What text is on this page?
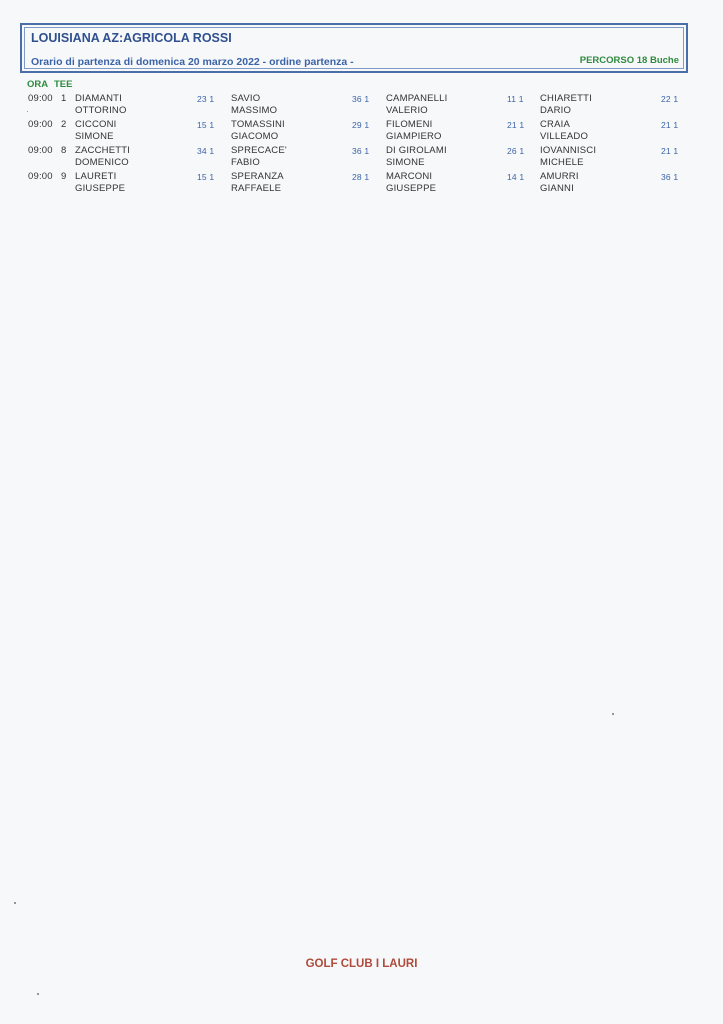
LOUISIANA AZ:AGRICOLA ROSSI
Orario di partenza di domenica 20 marzo 2022 - ordine partenza -	PERCORSO 18 Buche
ORA TEE
09:00 1 DIAMANTI
OTTORINO
23 1 SAVIO
MASSIMO
36 1 CAMPANELLI
VALERIO
11 1 CHIARETTI
DARIO
22 1
09:00 2 CICCONI
SIMONE
15 1 TOMASSINI
GIACOMO
29 1 FILOMENI
GIAMPIERO
21 1 CRAIA
VILLEADO
21 1
09:00 8 ZACCHETTI
DOMENICO
34 1 SPRECACE'
FABIO
36 1 DI GIROLAMI
SIMONE
26 1 IOVANNISCI
MICHELE
21 1
09:00 9 LAURETI
GIUSEPPE
15 1 SPERANZA
RAFFAELE
28 1 MARCONI
GIUSEPPE
14 1 AMURRI
GIANNI
36 1
GOLF CLUB I LAURI
